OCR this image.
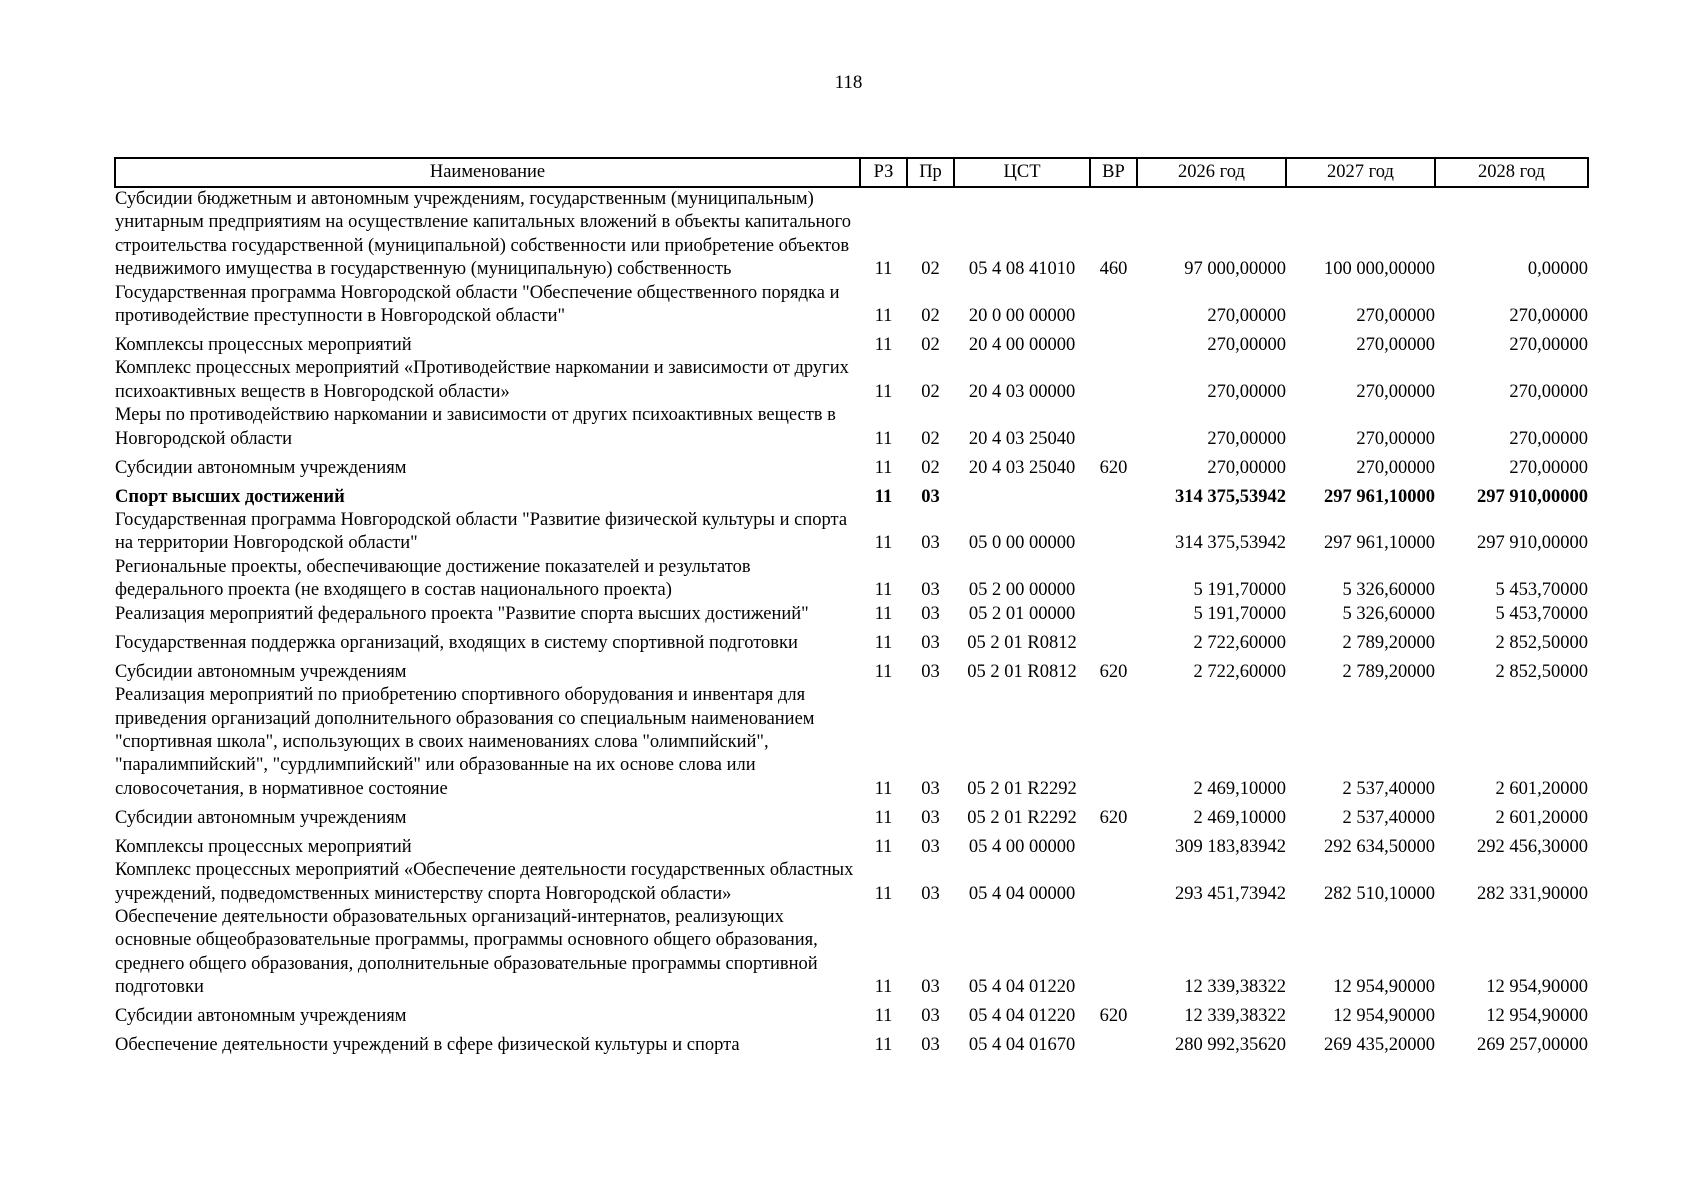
118
Наименование	РЗ	Пр	ЦСТ	ВР	2026 год	2027 год	2028 год
Субсидии бюджетным и автономным учреждениям, государственным (муниципальным) унитарным предприятиям на осуществление капитальных вложений в объекты капитального строительства государственной (муниципальной) собственности или приобретение объектов недвижимого имущества в государственную (муниципальную) собственность	11	02	05 4 08 41010	460	97 000,00000	100 000,00000	0,00000
Государственная программа Новгородской области "Обеспечение общественного порядка и противодействие преступности в Новгородской области"	11	02	20 0 00 00000		270,00000	270,00000	270,00000
Комплексы процессных мероприятий	11	02	20 4 00 00000		270,00000	270,00000	270,00000
Комплекс процессных мероприятий «Противодействие наркомании и зависимости от других психоактивных веществ в Новгородской области»	11	02	20 4 03 00000		270,00000	270,00000	270,00000
Меры по противодействию наркомании и зависимости от других психоактивных веществ в Новгородской области	11	02	20 4 03 25040		270,00000	270,00000	270,00000
Субсидии автономным учреждениям	11	02	20 4 03 25040	620	270,00000	270,00000	270,00000
Спорт высших достижений	11	03			314 375,53942	297 961,10000	297 910,00000
Государственная программа Новгородской области "Развитие физической культуры и спорта на территории Новгородской области"	11	03	05 0 00 00000		314 375,53942	297 961,10000	297 910,00000
Региональные проекты, обеспечивающие достижение показателей и результатов федерального проекта (не входящего в состав национального проекта)	11	03	05 2 00 00000		5 191,70000	5 326,60000	5 453,70000
Реализация мероприятий федерального проекта "Развитие спорта высших достижений"	11	03	05 2 01 00000		5 191,70000	5 326,60000	5 453,70000
Государственная поддержка организаций, входящих в систему спортивной подготовки	11	03	05 2 01 R0812		2 722,60000	2 789,20000	2 852,50000
Субсидии автономным учреждениям	11	03	05 2 01 R0812	620	2 722,60000	2 789,20000	2 852,50000
Реализация мероприятий по приобретению спортивного оборудования и инвентаря для приведения организаций дополнительного образования со специальным наименованием "спортивная школа", использующих в своих наименованиях слова "олимпийский", "паралимпийский", "сурдлимпийский" или образованные на их основе слова или словосочетания, в нормативное состояние	11	03	05 2 01 R2292		2 469,10000	2 537,40000	2 601,20000
Субсидии автономным учреждениям	11	03	05 2 01 R2292	620	2 469,10000	2 537,40000	2 601,20000
Комплексы процессных мероприятий	11	03	05 4 00 00000		309 183,83942	292 634,50000	292 456,30000
Комплекс процессных мероприятий «Обеспечение деятельности государственных областных учреждений, подведомственных министерству спорта Новгородской области»	11	03	05 4 04 00000		293 451,73942	282 510,10000	282 331,90000
Обеспечение деятельности образовательных организаций-интернатов, реализующих основные общеобразовательные программы, программы основного общего образования, среднего общего образования, дополнительные образовательные программы спортивной подготовки	11	03	05 4 04 01220		12 339,38322	12 954,90000	12 954,90000
Субсидии автономным учреждениям	11	03	05 4 04 01220	620	12 339,38322	12 954,90000	12 954,90000
Обеспечение деятельности учреждений в сфере физической культуры и спорта	11	03	05 4 04 01670		280 992,35620	269 435,20000	269 257,00000
